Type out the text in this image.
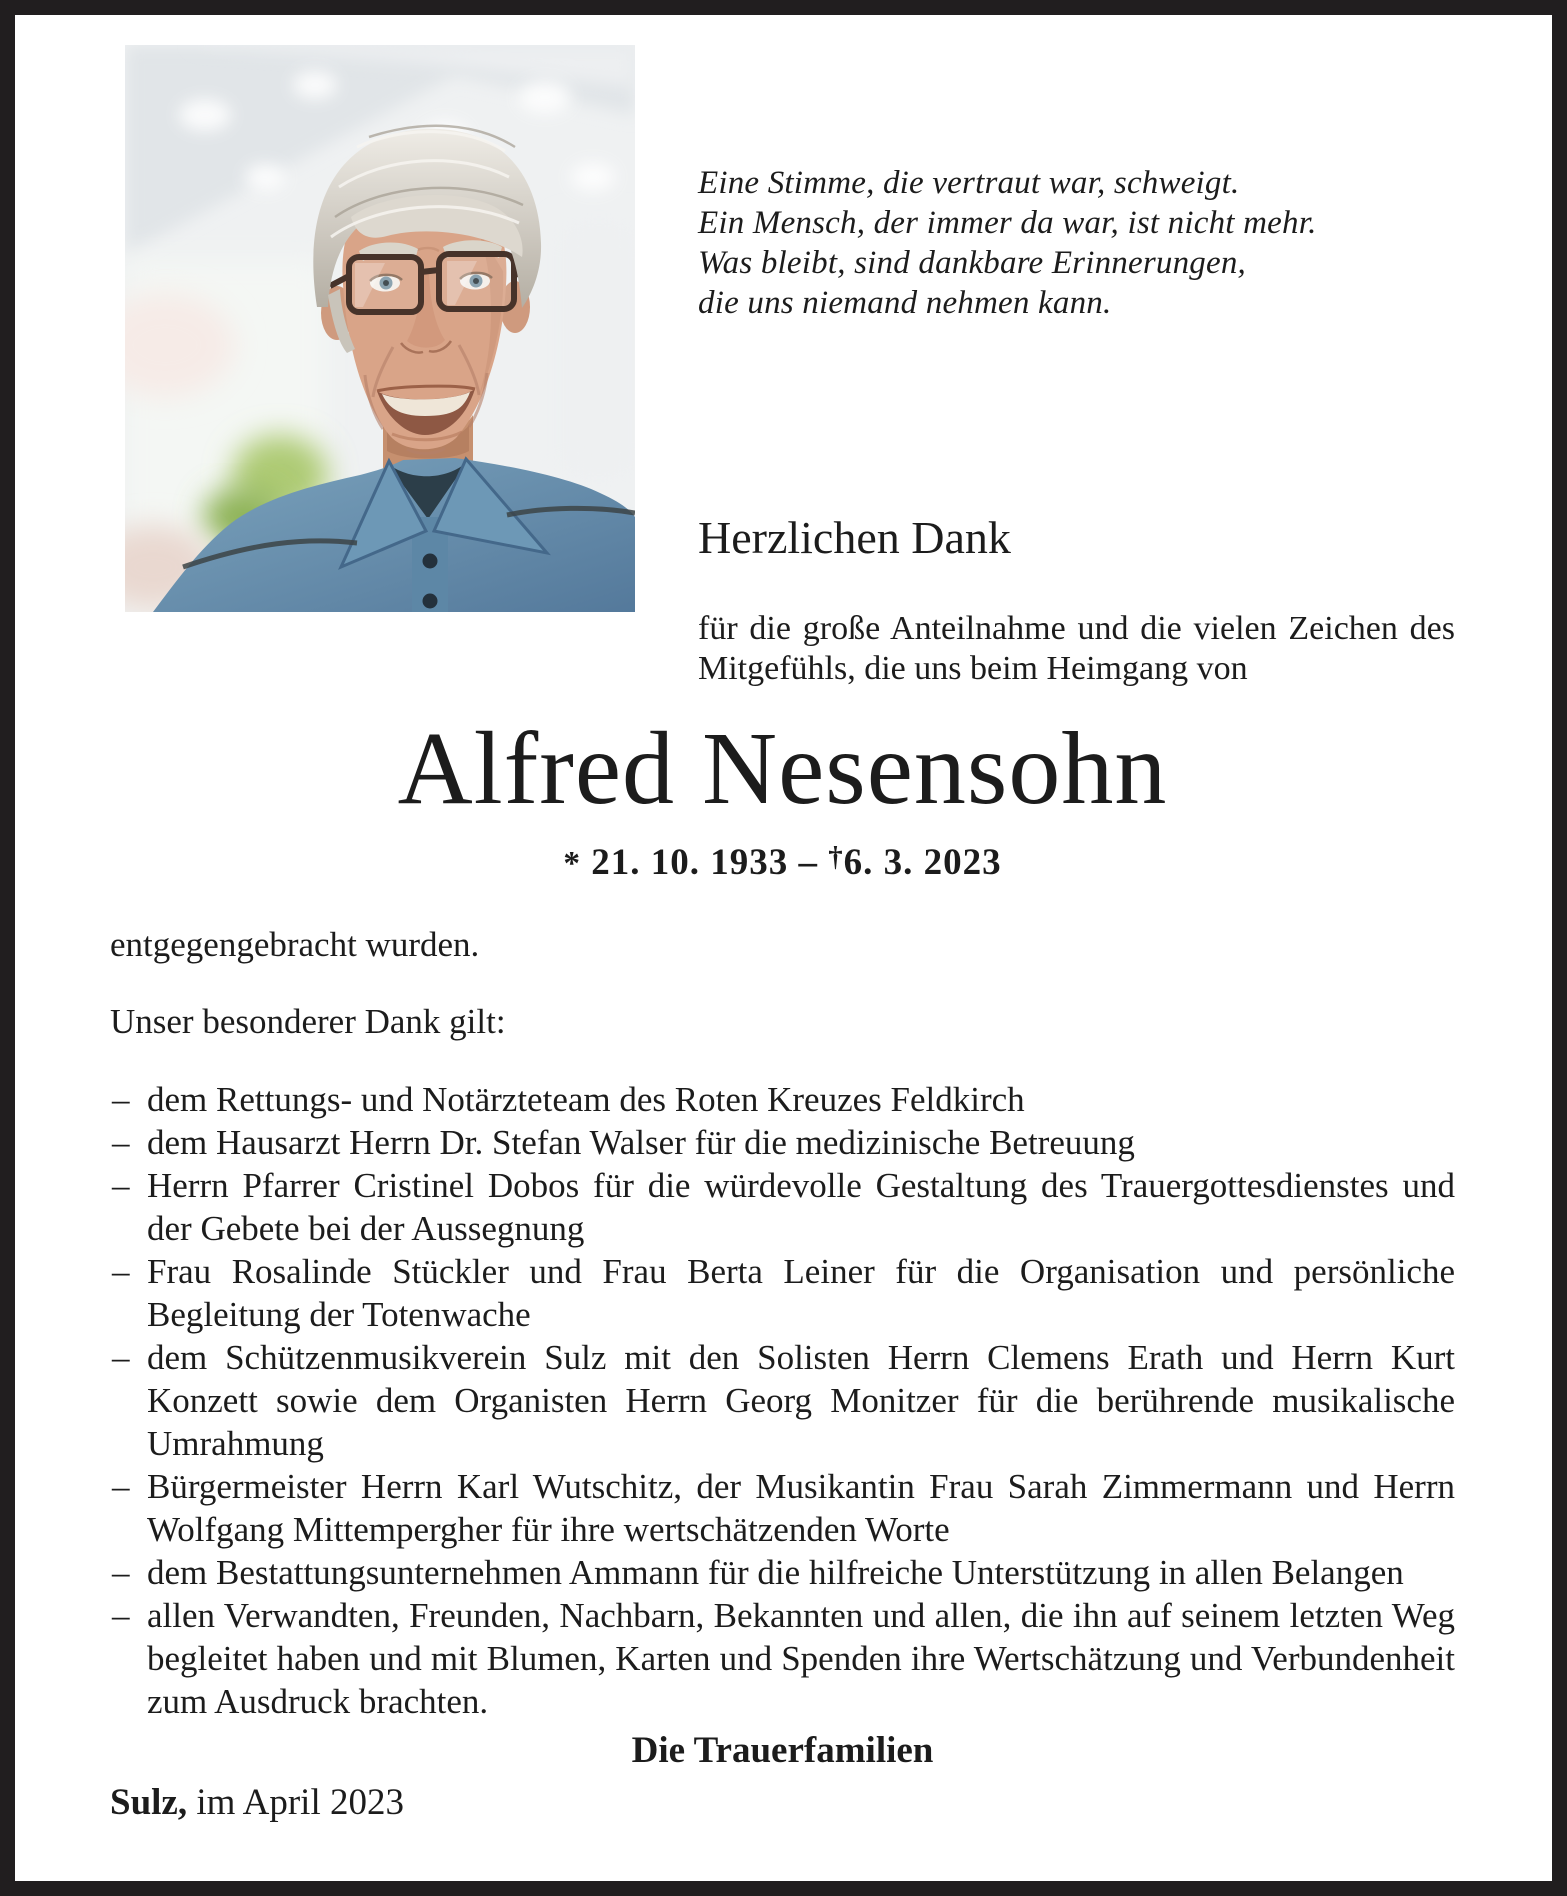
Eine Stimme, die vertraut war, schweigt.
Ein Mensch, der immer da war, ist nicht mehr.
Was bleibt, sind dankbare Erinnerungen,
die uns niemand nehmen kann.
Herzlichen Dank

für die große Anteilnahme und die vielen Zeichen des Mitgefühls, die uns beim Heimgang von

Alfred Nesensohn
* 21. 10. 1933 – †6. 3. 2023

entgegengebracht wurden.

Unser besonderer Dank gilt:

– dem Rettungs- und Notärzteteam des Roten Kreuzes Feldkirch
– dem Hausarzt Herrn Dr. Stefan Walser für die medizinische Betreuung
– Herrn Pfarrer Cristinel Dobos für die würdevolle Gestaltung des Trauergottesdienstes und der Gebete bei der Aussegnung
– Frau Rosalinde Stückler und Frau Berta Leiner für die Organisation und persönliche Begleitung der Totenwache
– dem Schützenmusikverein Sulz mit den Solisten Herrn Clemens Erath und Herrn Kurt Konzett sowie dem Organisten Herrn Georg Monitzer für die berührende musikalische Umrahmung
– Bürgermeister Herrn Karl Wutschitz, der Musikantin Frau Sarah Zimmermann und Herrn Wolfgang Mittempergher für ihre wertschätzenden Worte
– dem Bestattungsunternehmen Ammann für die hilfreiche Unterstützung in allen Belangen
– allen Verwandten, Freunden, Nachbarn, Bekannten und allen, die ihn auf seinem letzten Weg begleitet haben und mit Blumen, Karten und Spenden ihre Wertschätzung und Verbundenheit zum Ausdruck brachten.
Die Trauerfamilien
Sulz, im April 2023
